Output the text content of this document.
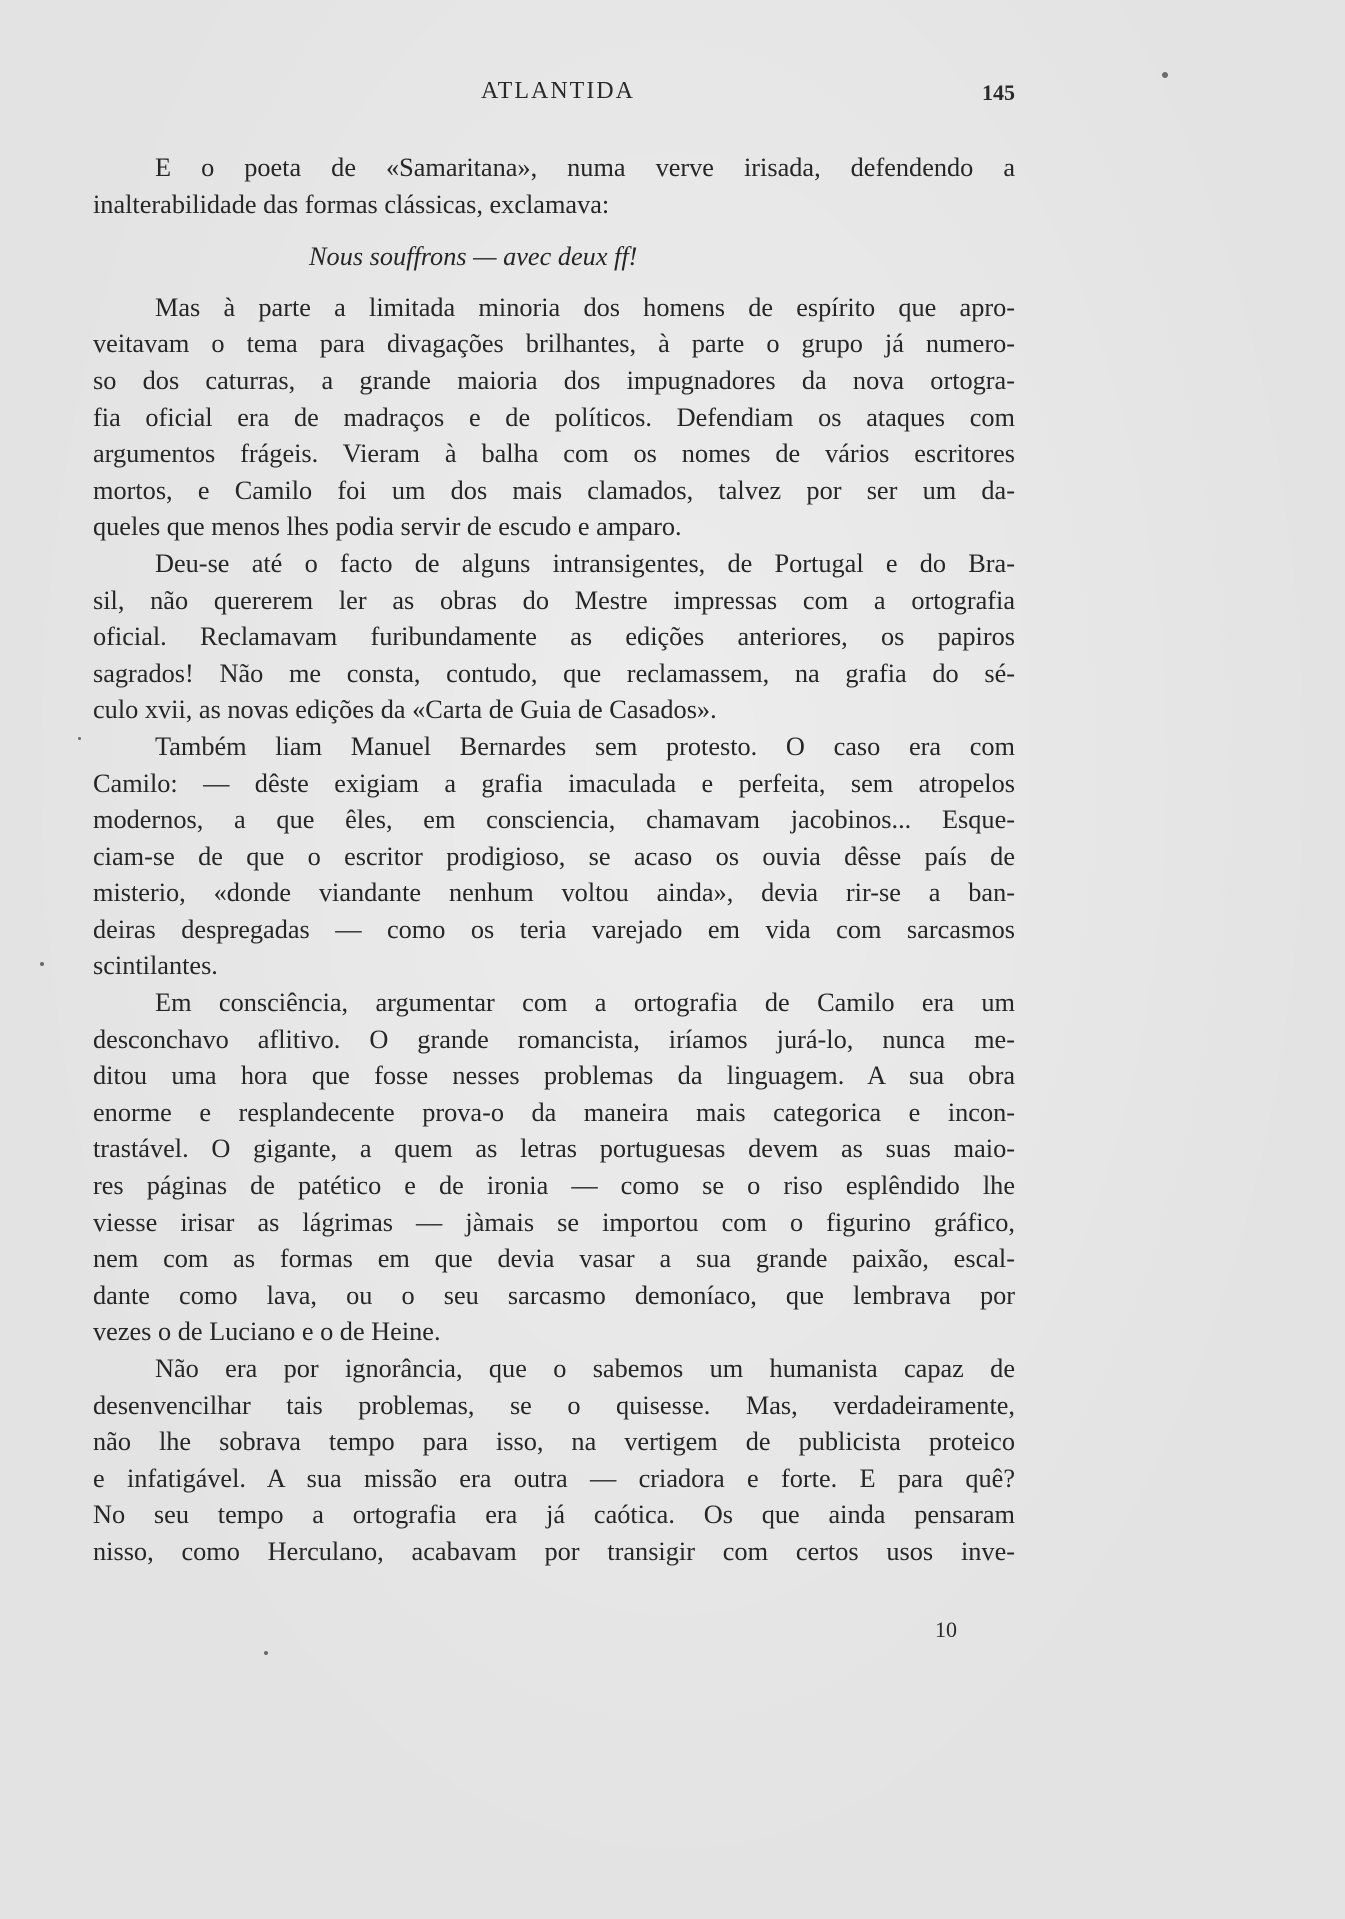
ATLANTIDA	145
E o poeta de «Samaritana», numa verve irisada, defendendo a
inalterabilidade das formas clássicas, exclamava:
Nous souffrons — avec deux ff!
Mas à parte a limitada minoria dos homens de espírito que apro-
veitavam o tema para divagações brilhantes, à parte o grupo já numero-
so dos caturras, a grande maioria dos impugnadores da nova ortogra-
fia oficial era de madraços e de políticos. Defendiam os ataques com
argumentos frágeis. Vieram à balha com os nomes de vários escritores
mortos, e Camilo foi um dos mais clamados, talvez por ser um da-
queles que menos lhes podia servir de escudo e amparo.
Deu-se até o facto de alguns intransigentes, de Portugal e do Bra-
sil, não quererem ler as obras do Mestre impressas com a ortografia
oficial. Reclamavam furibundamente as edições anteriores, os papiros
sagrados! Não me consta, contudo, que reclamassem, na grafia do sé-
culo xvii, as novas edições da «Carta de Guia de Casados».
Também liam Manuel Bernardes sem protesto. O caso era com
Camilo: — dêste exigiam a grafia imaculada e perfeita, sem atropelos
modernos, a que êles, em consciencia, chamavam jacobinos... Esque-
ciam-se de que o escritor prodigioso, se acaso os ouvia dêsse país de
misterio, «donde viandante nenhum voltou ainda», devia rir-se a ban-
deiras despregadas — como os teria varejado em vida com sarcasmos
scintilantes.
Em consciência, argumentar com a ortografia de Camilo era um
desconchavo aflitivo. O grande romancista, iríamos jurá-lo, nunca me-
ditou uma hora que fosse nesses problemas da linguagem. A sua obra
enorme e resplandecente prova-o da maneira mais categorica e incon-
trastável. O gigante, a quem as letras portuguesas devem as suas maio-
res páginas de patético e de ironia — como se o riso esplêndido lhe
viesse irisar as lágrimas — jàmais se importou com o figurino gráfico,
nem com as formas em que devia vasar a sua grande paixão, escal-
dante como lava, ou o seu sarcasmo demoníaco, que lembrava por
vezes o de Luciano e o de Heine.
Não era por ignorância, que o sabemos um humanista capaz de
desenvencilhar tais problemas, se o quisesse. Mas, verdadeiramente,
não lhe sobrava tempo para isso, na vertigem de publicista proteico
e infatigável. A sua missão era outra — criadora e forte. E para quê?
No seu tempo a ortografia era já caótica. Os que ainda pensaram
nisso, como Herculano, acabavam por transigir com certos usos inve-
10
